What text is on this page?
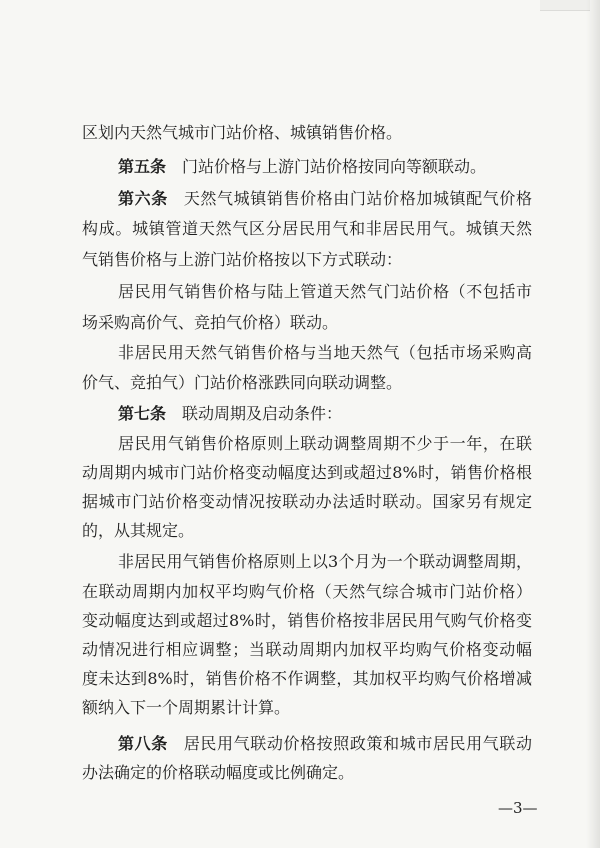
区划内天然气城市门站价格、城镇销售价格。
第五条 门站价格与上游门站价格按同向等额联动。
第六条 天然气城镇销售价格由门站价格加城镇配气价格
构成。城镇管道天然气区分居民用气和非居民用气。城镇天然
气销售价格与上游门站价格按以下方式联动：
居民用气销售价格与陆上管道天然气门站价格（不包括市
场采购高价气、竞拍气价格）联动。
非居民用天然气销售价格与当地天然气（包括市场采购高
价气、竞拍气）门站价格涨跌同向联动调整。
第七条 联动周期及启动条件：
居民用气销售价格原则上联动调整周期不少于一年，在联
动周期内城市门站价格变动幅度达到或超过8%时，销售价格根
据城市门站价格变动情况按联动办法适时联动。国家另有规定
的，从其规定。
非居民用气销售价格原则上以3个月为一个联动调整周期，
在联动周期内加权平均购气价格（天然气综合城市门站价格）
变动幅度达到或超过8%时，销售价格按非居民用气购气价格变
动情况进行相应调整；当联动周期内加权平均购气价格变动幅
度未达到8%时，销售价格不作调整，其加权平均购气价格增减
额纳入下一个周期累计计算。
第八条 居民用气联动价格按照政策和城市居民用气联动
办法确定的价格联动幅度或比例确定。
—3—
